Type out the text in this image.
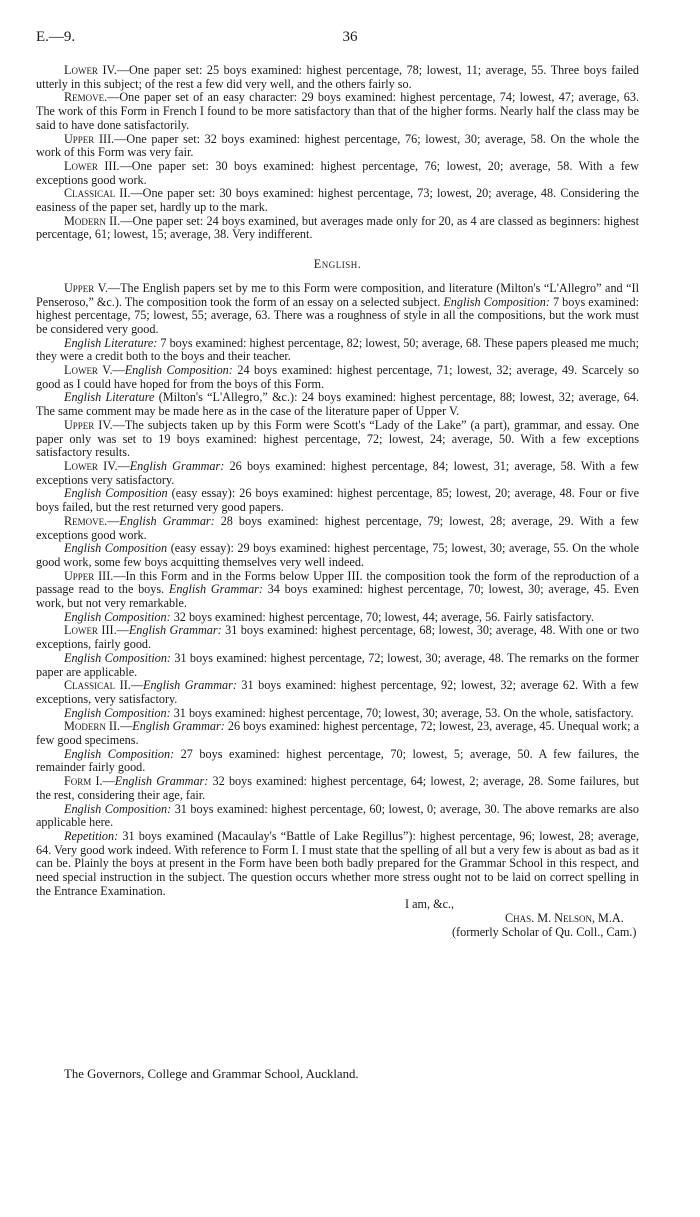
E.—9.	36

Lower IV.—One paper set: 25 boys examined: highest percentage, 78; lowest, 11; average, 55. Three boys failed utterly in this subject; of the rest a few did very well, and the others fairly so.

Remove.—One paper set of an easy character: 29 boys examined: highest percentage, 74; lowest, 47; average, 63. The work of this Form in French I found to be more satisfactory than that of the higher forms. Nearly half the class may be said to have done satisfactorily.

Upper III.—One paper set: 32 boys examined: highest percentage, 76; lowest, 30; average, 58. On the whole the work of this Form was very fair.

Lower III.—One paper set: 30 boys examined: highest percentage, 76; lowest, 20; average, 58. With a few exceptions good work.

Classical II.—One paper set: 30 boys examined: highest percentage, 73; lowest, 20; average, 48. Considering the easiness of the paper set, hardly up to the mark.

Modern II.—One paper set: 24 boys examined, but averages made only for 20, as 4 are classed as beginners: highest percentage, 61; lowest, 15; average, 38. Very indifferent.

English.

Upper V.—The English papers set by me to this Form were composition, and literature (Milton's “L'Allegro” and “Il Penseroso,” &c.). The composition took the form of an essay on a selected subject. English Composition: 7 boys examined: highest percentage, 75; lowest, 55; average, 63. There was a roughness of style in all the compositions, but the work must be considered very good.

English Literature: 7 boys examined: highest percentage, 82; lowest, 50; average, 68. These papers pleased me much; they were a credit both to the boys and their teacher.

Lower V.—English Composition: 24 boys examined: highest percentage, 71; lowest, 32; average, 49. Scarcely so good as I could have hoped for from the boys of this Form.

English Literature (Milton's “L'Allegro,” &c.): 24 boys examined: highest percentage, 88; lowest, 32; average, 64. The same comment may be made here as in the case of the literature paper of Upper V.

Upper IV.—The subjects taken up by this Form were Scott's “Lady of the Lake” (a part), grammar, and essay. One paper only was set to 19 boys examined: highest percentage, 72; lowest, 24; average, 50. With a few exceptions satisfactory results.

Lower IV.—English Grammar: 26 boys examined: highest percentage, 84; lowest, 31; average, 58. With a few exceptions very satisfactory.

English Composition (easy essay): 26 boys examined: highest percentage, 85; lowest, 20; average, 48. Four or five boys failed, but the rest returned very good papers.

Remove.—English Grammar: 28 boys examined: highest percentage, 79; lowest, 28; average, 29. With a few exceptions good work.

English Composition (easy essay): 29 boys examined: highest percentage, 75; lowest, 30; average, 55. On the whole good work, some few boys acquitting themselves very well indeed.

Upper III.—In this Form and in the Forms below Upper III. the composition took the form of the reproduction of a passage read to the boys. English Grammar: 34 boys examined: highest percentage, 70; lowest, 30; average, 45. Even work, but not very remarkable.

English Composition: 32 boys examined: highest percentage, 70; lowest, 44; average, 56. Fairly satisfactory.

Lower III.—English Grammar: 31 boys examined: highest percentage, 68; lowest, 30; average, 48. With one or two exceptions, fairly good.

English Composition: 31 boys examined: highest percentage, 72; lowest, 30; average, 48. The remarks on the former paper are applicable.

Classical II.—English Grammar: 31 boys examined: highest percentage, 92; lowest, 32; average 62. With a few exceptions, very satisfactory.

English Composition: 31 boys examined: highest percentage, 70; lowest, 30; average, 53. On the whole, satisfactory.

Modern II.—English Grammar: 26 boys examined: highest percentage, 72; lowest, 23, average, 45. Unequal work; a few good specimens.

English Composition: 27 boys examined: highest percentage, 70; lowest, 5; average, 50. A few failures, the remainder fairly good.

Form I.—English Grammar: 32 boys examined: highest percentage, 64; lowest, 2; average, 28. Some failures, but the rest, considering their age, fair.

English Composition: 31 boys examined: highest percentage, 60; lowest, 0; average, 30. The above remarks are also applicable here.

Repetition: 31 boys examined (Macaulay's “Battle of Lake Regillus”): highest percentage, 96; lowest, 28; average, 64. Very good work indeed. With reference to Form I. I must state that the spelling of all but a very few is about as bad as it can be. Plainly the boys at present in the Form have been both badly prepared for the Grammar School in this respect, and need special instruction in the subject. The question occurs whether more stress ought not to be laid on correct spelling in the Entrance Examination.

I am, &c.,
Chas. M. Nelson, M.A.
(formerly Scholar of Qu. Coll., Cam.)
The Governors, College and Grammar School, Auckland.
